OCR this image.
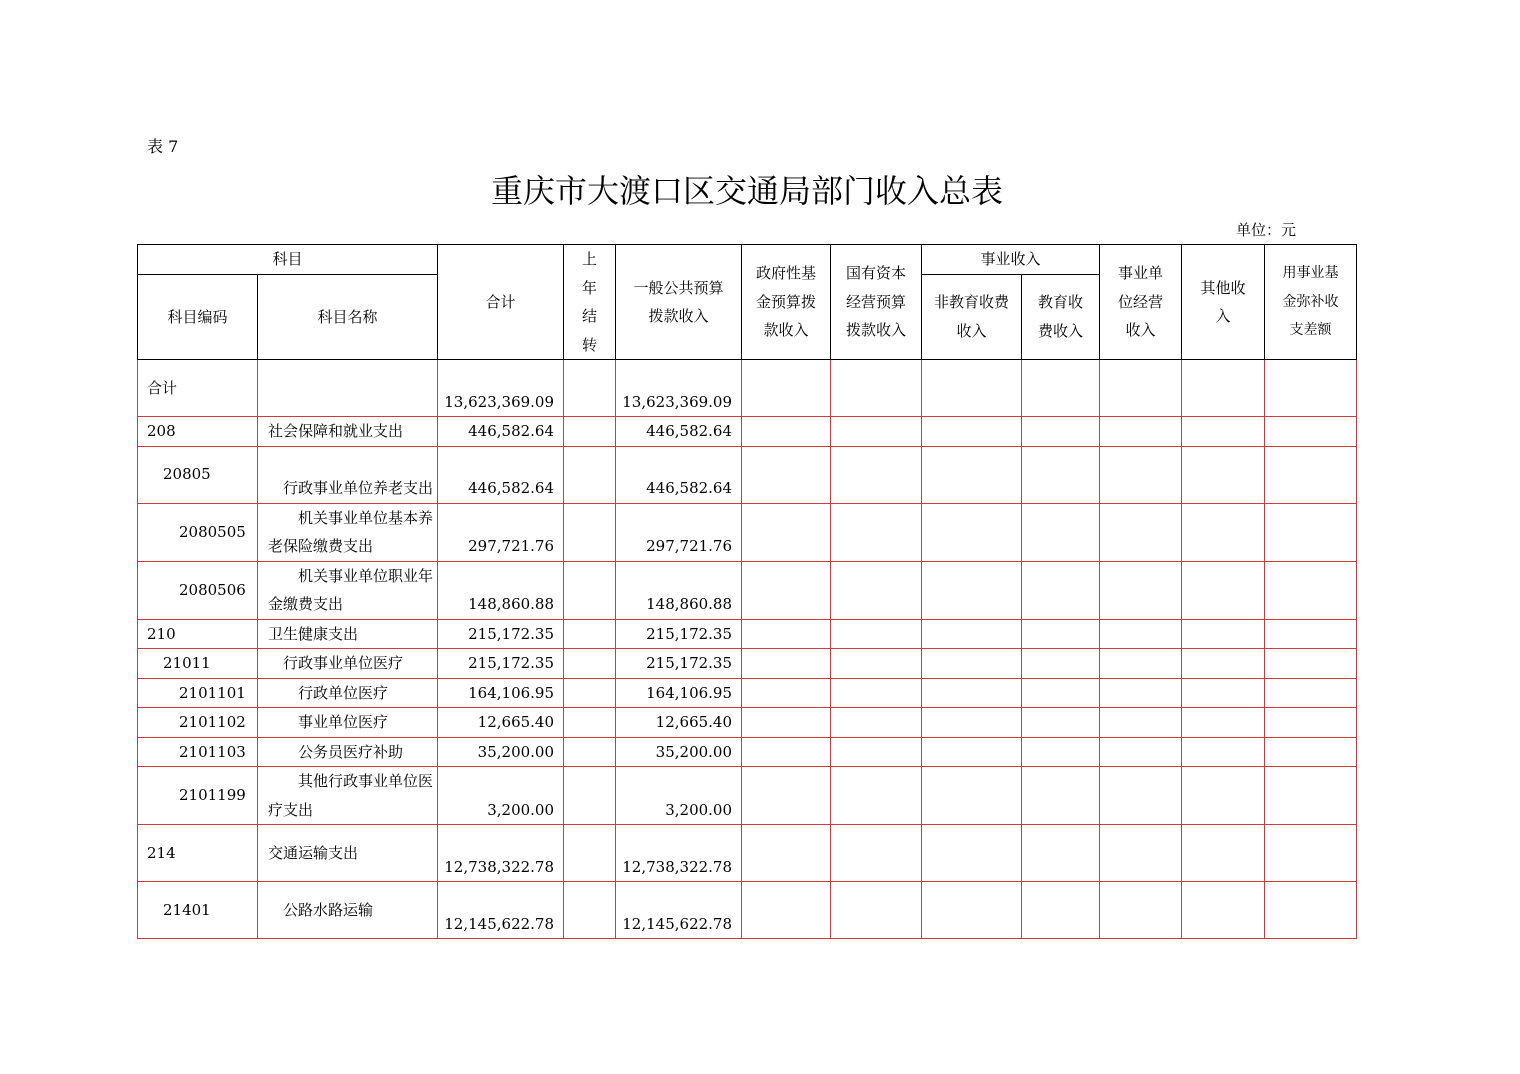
表 7
重庆市大渡口区交通局部门收入总表
单位：元
科目		合计	上年结转	一般公共预算拨款收入	政府性基金预算拨款收入	国有资本经营预算拨款收入	事业收入		事业单位经营收入	其他收入	用事业基金弥补收支差额
科目编码	科目名称						非教育收费收入	教育收费收入			
合计		13,623,369.09		13,623,369.09							
208	社会保障和就业支出	446,582.64		446,582.64							
20805	行政事业单位养老支出	446,582.64		446,582.64							
2080505	机关事业单位基本养老保险缴费支出	297,721.76		297,721.76							
2080506	机关事业单位职业年金缴费支出	148,860.88		148,860.88							
210	卫生健康支出	215,172.35		215,172.35							
21011	行政事业单位医疗	215,172.35		215,172.35							
2101101	行政单位医疗	164,106.95		164,106.95							
2101102	事业单位医疗	12,665.40		12,665.40							
2101103	公务员医疗补助	35,200.00		35,200.00							
2101199	其他行政事业单位医疗支出	3,200.00		3,200.00							
214	交通运输支出	12,738,322.78		12,738,322.78							
21401	公路水路运输	12,145,622.78		12,145,622.78							
